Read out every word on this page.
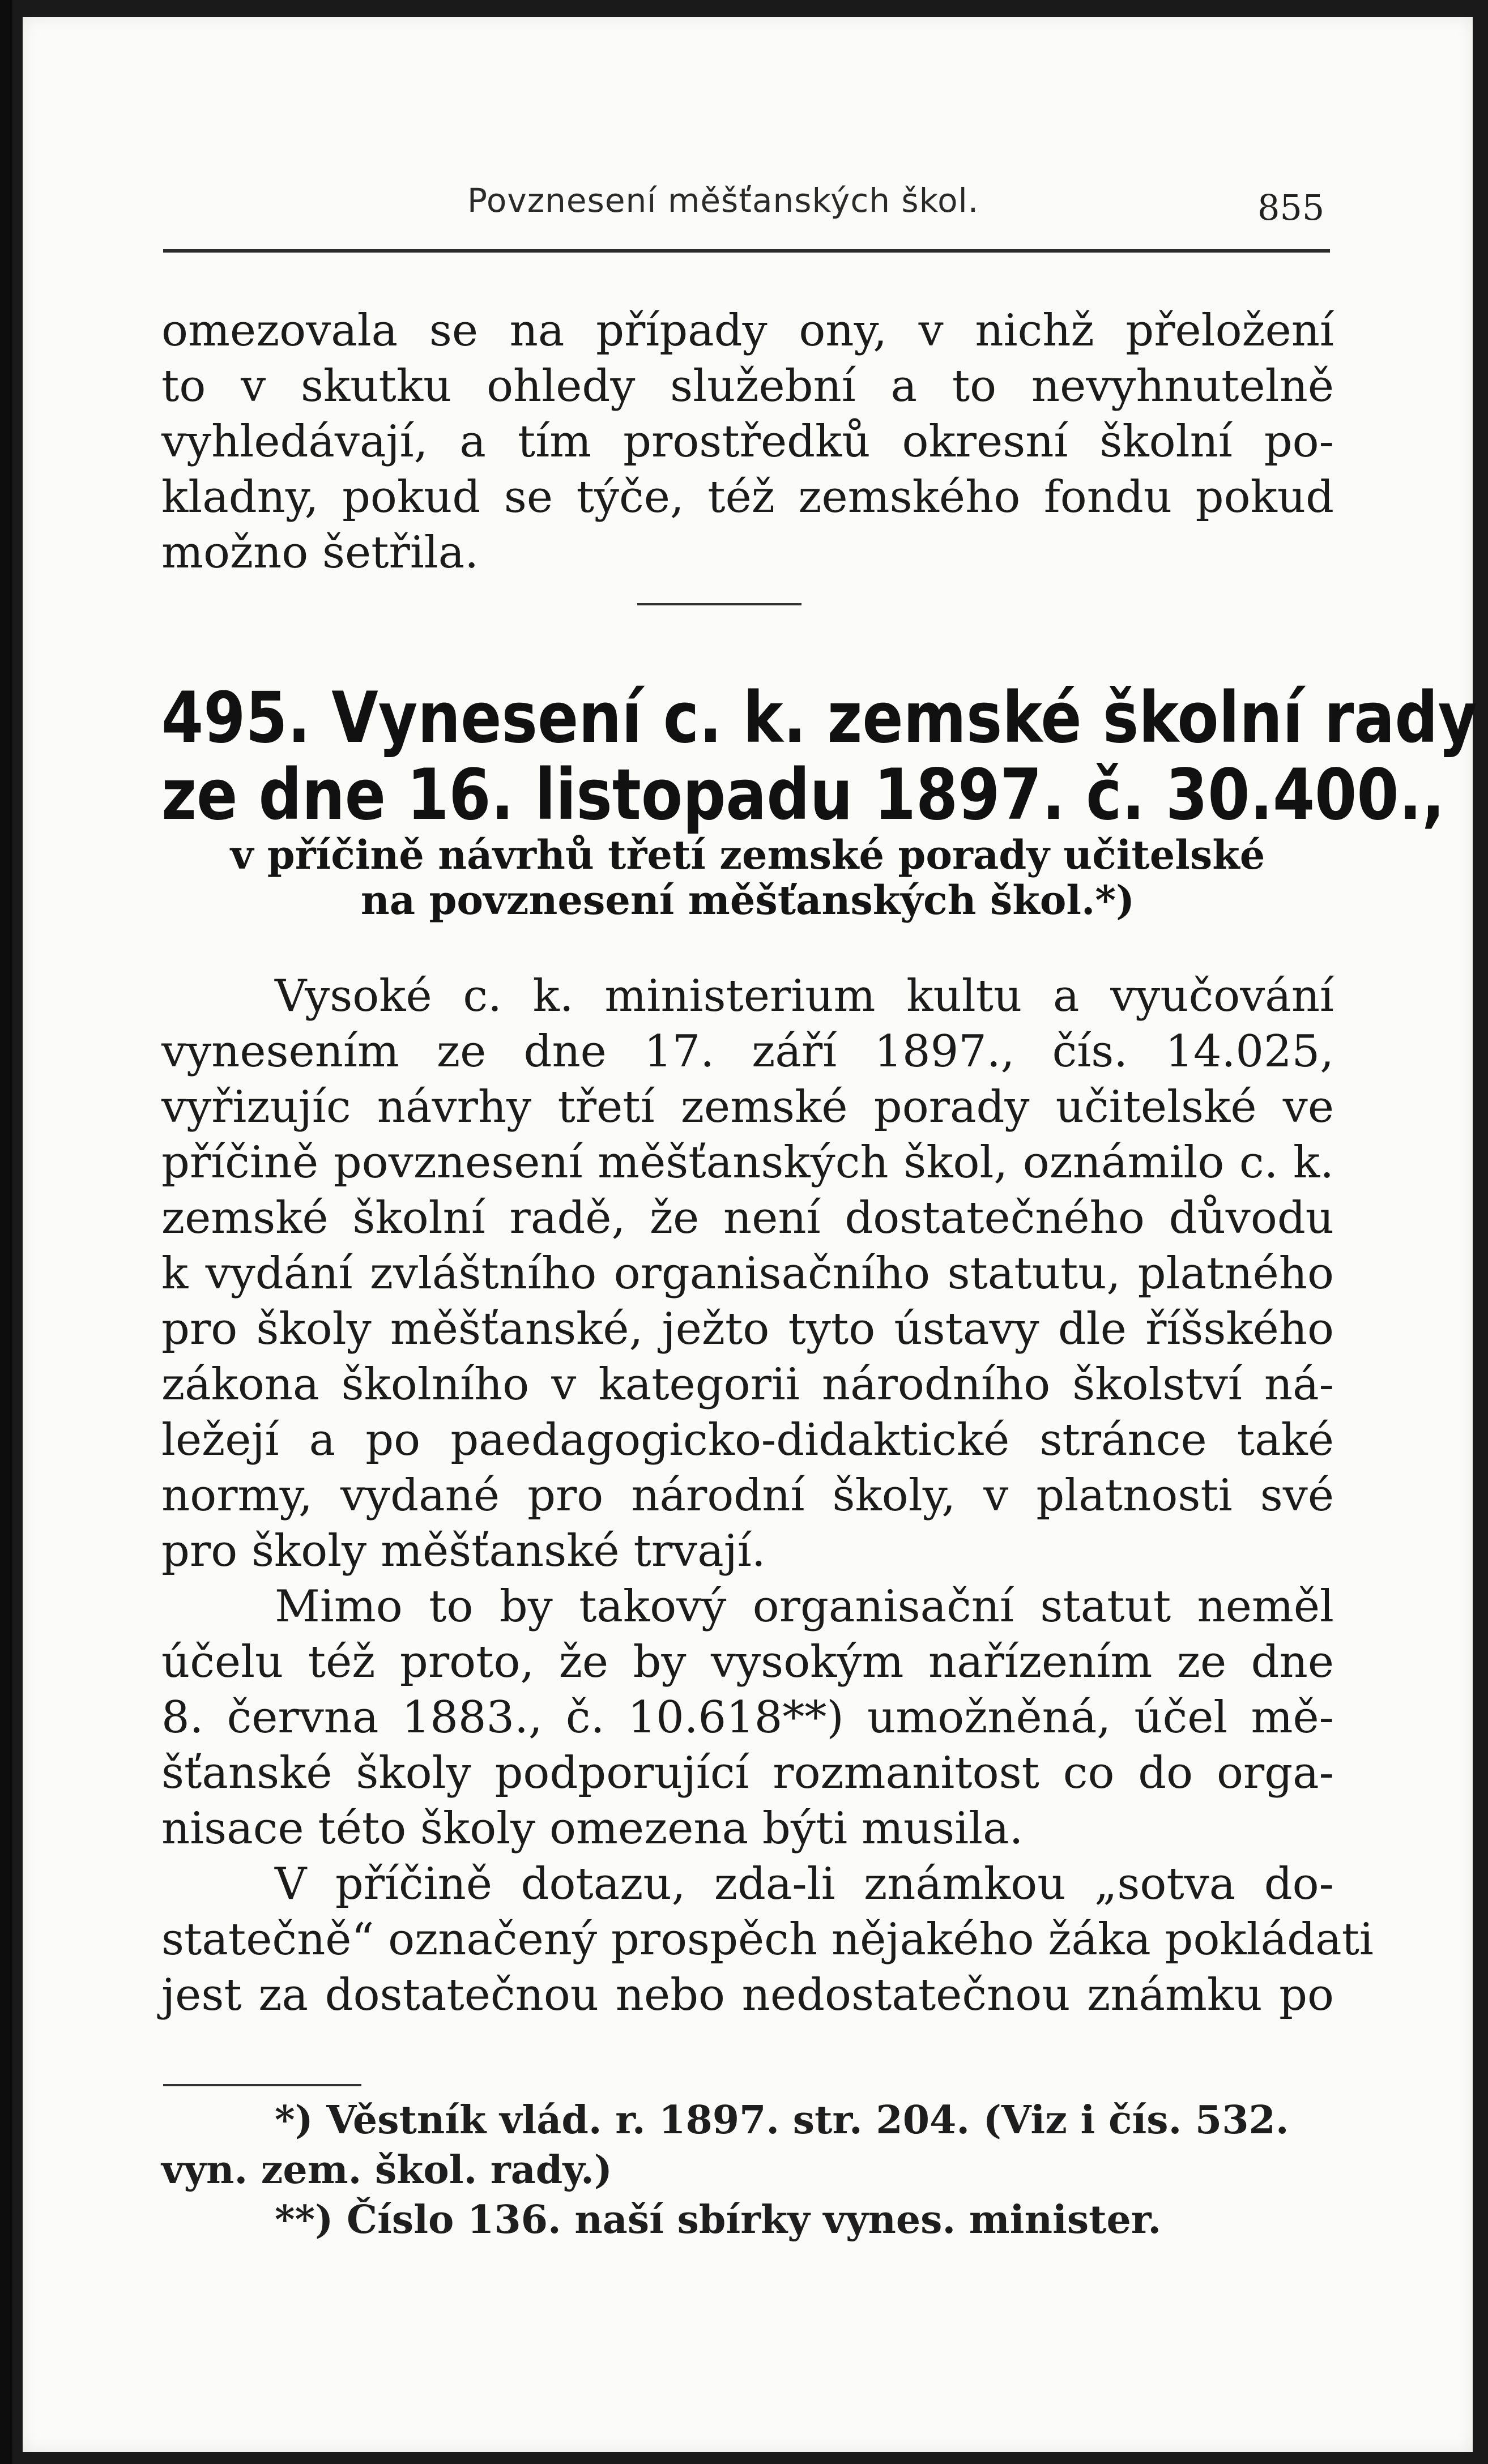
Povznesení měšťanských škol.	855
omezovala se na případy ony, v nichž přeložení
to v skutku ohledy služební a to nevyhnutelně
vyhledávají, a tím prostředků okresní školní po-
kladny, pokud se týče, též zemského fondu pokud
možno šetřila.
495. Vynesení c. k. zemské školní rady
ze dne 16. listopadu 1897. č. 30.400.,
v příčině návrhů třetí zemské porady učitelské
na povznesení měšťanských škol.*)
Vysoké c. k. ministerium kultu a vyučování
vynesením ze dne 17. září 1897., čís. 14.025,
vyřizujíc návrhy třetí zemské porady učitelské ve
příčině povznesení měšťanských škol, oznámilo c. k.
zemské školní radě, že není dostatečného důvodu
k vydání zvláštního organisačního statutu, platného
pro školy měšťanské, ježto tyto ústavy dle říšského
zákona školního v kategorii národního školství ná-
ležejí a po paedagogicko-didaktické stránce také
normy, vydané pro národní školy, v platnosti své
pro školy měšťanské trvají.
Mimo to by takový organisační statut neměl
účelu též proto, že by vysokým nařízením ze dne
8. června 1883., č. 10.618**) umožněná, účel mě-
šťanské školy podporující rozmanitost co do orga-
nisace této školy omezena býti musila.
V příčině dotazu, zda-li známkou „sotva do-
statečně“ označený prospěch nějakého žáka pokládati
jest za dostatečnou nebo nedostatečnou známku po
*) Věstník vlád. r. 1897. str. 204. (Viz i čís. 532.
vyn. zem. škol. rady.)
**) Číslo 136. naší sbírky vynes. minister.
